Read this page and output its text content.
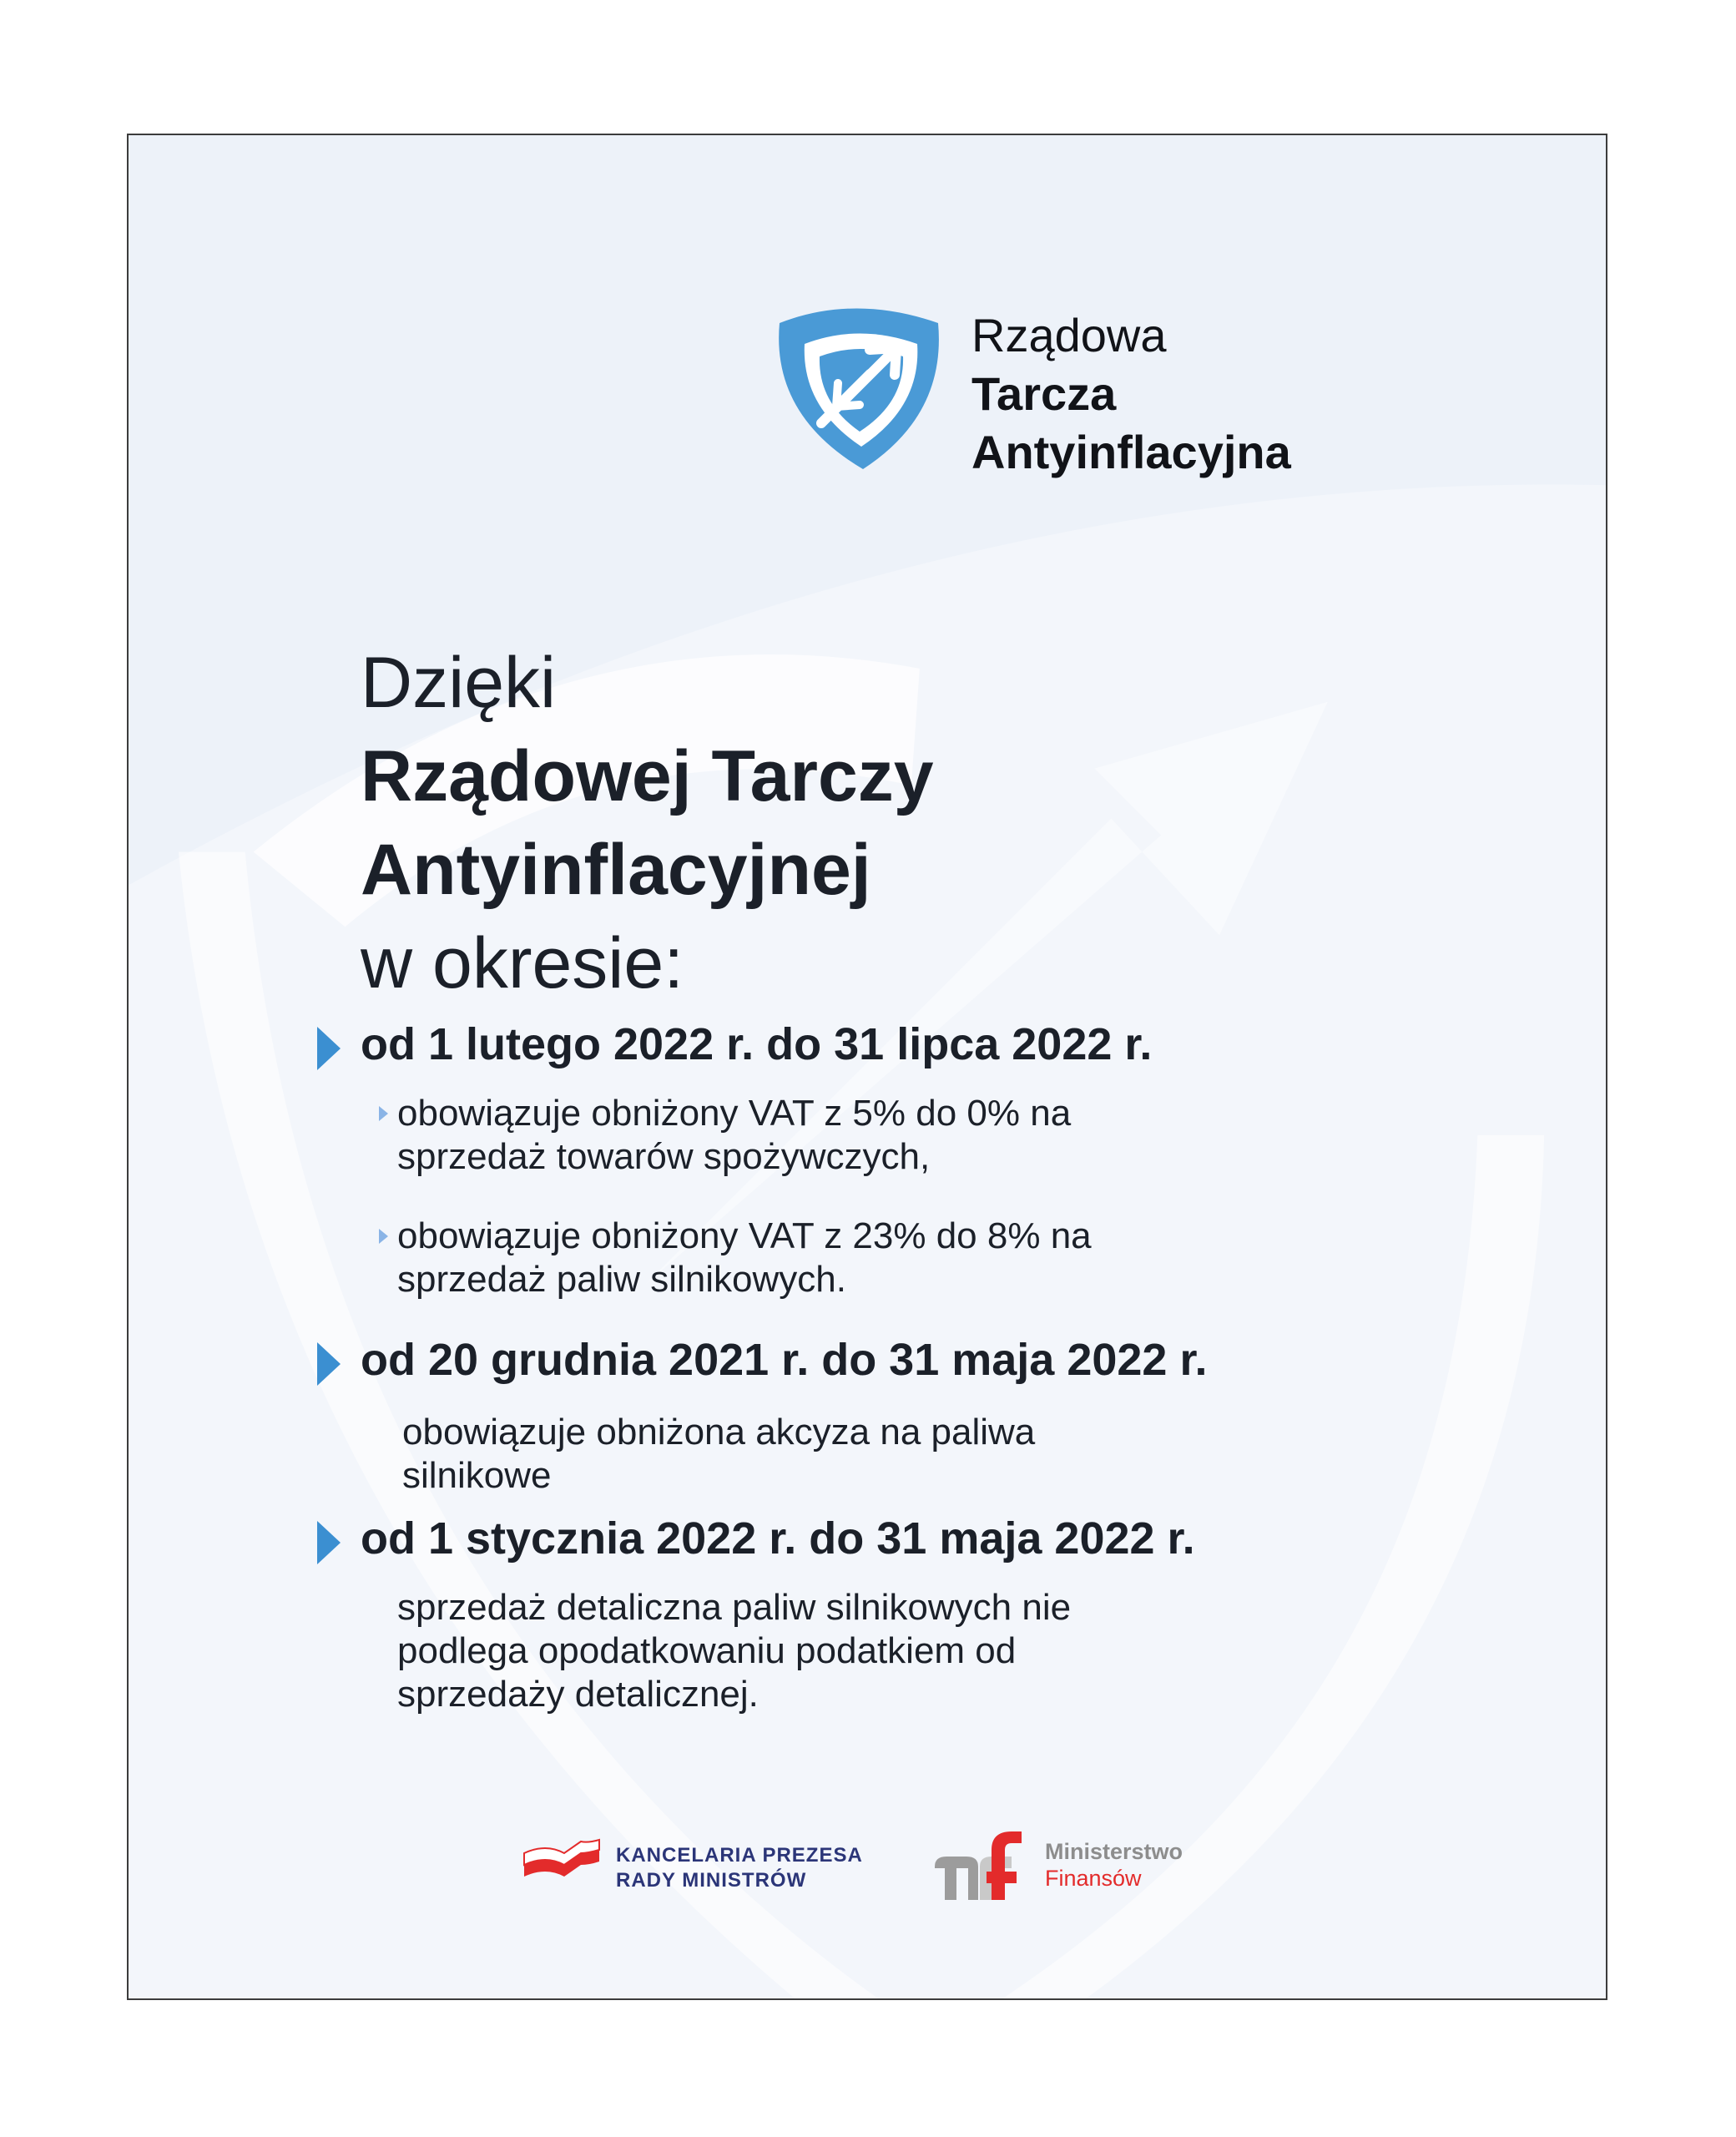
Rządowa
Tarcza
Antyinflacyjna
Dzięki
Rządowej Tarczy
Antyinflacyjnej
w okresie:
od 1 lutego 2022 r. do 31 lipca 2022 r.
obowiązuje obniżony VAT z 5% do 0% na
sprzedaż towarów spożywczych,
obowiązuje obniżony VAT z 23% do 8% na
sprzedaż paliw silnikowych.
od 20 grudnia 2021 r. do 31 maja 2022 r.
obowiązuje obniżona akcyza na paliwa
silnikowe
od 1 stycznia 2022 r. do 31 maja 2022 r.
sprzedaż detaliczna paliw silnikowych nie
podlega opodatkowaniu podatkiem od
sprzedaży detalicznej.
KANCELARIA PREZESA
RADY MINISTRÓW
Ministerstwo
Finansów
